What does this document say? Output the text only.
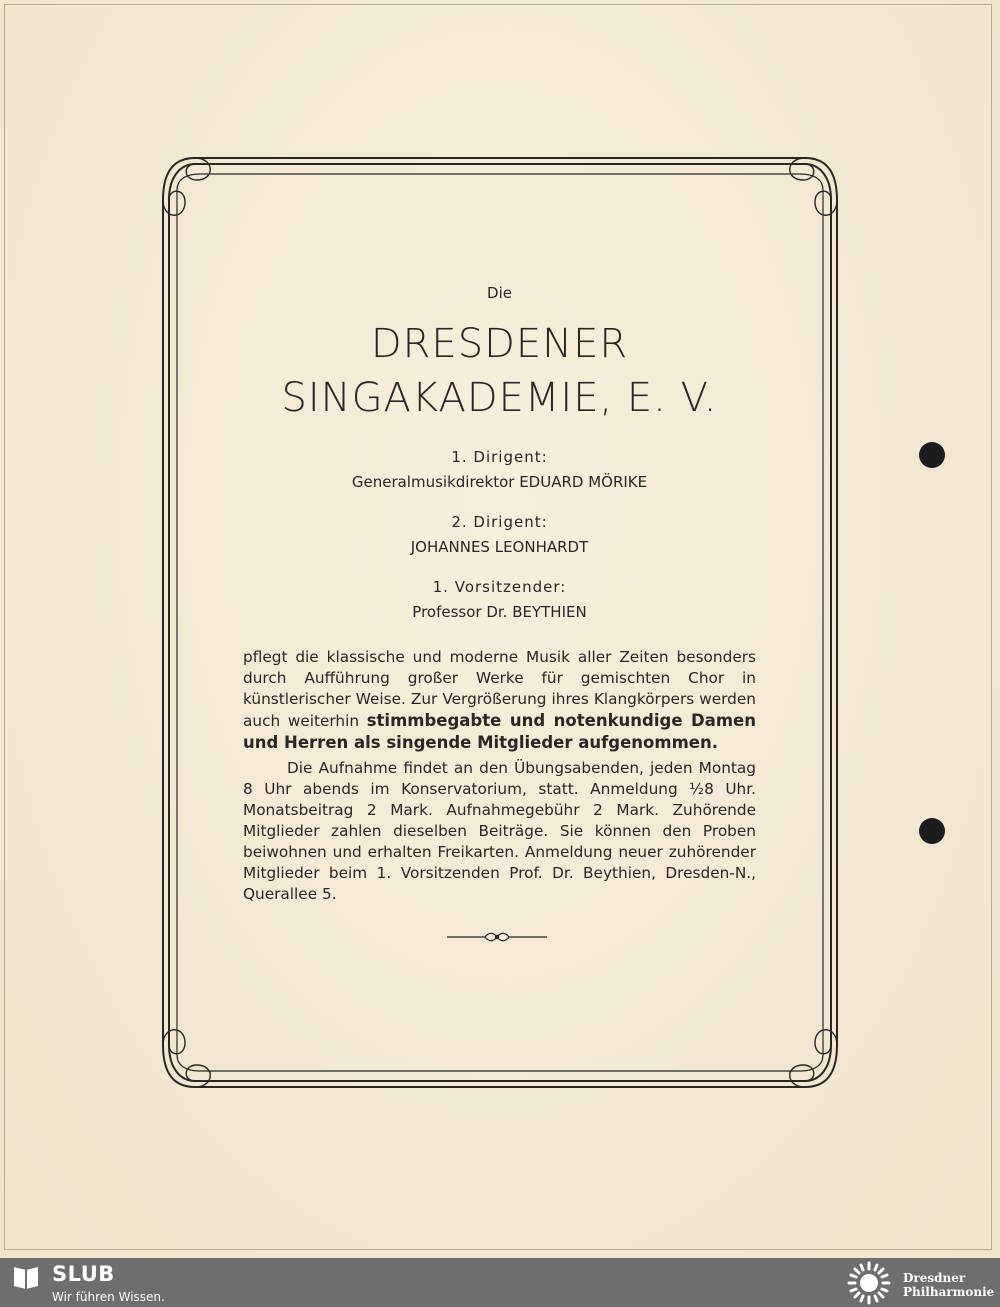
Die
DRESDENER
SINGAKADEMIE, E. V.
1. Dirigent:
Generalmusikdirektor EDUARD MÖRIKE
2. Dirigent:
JOHANNES LEONHARDT
1. Vorsitzender:
Professor Dr. BEYTHIEN
pflegt die klassische und moderne Musik aller Zeiten besonders durch Aufführung großer Werke für gemischten Chor in künstlerischer Weise. Zur Vergrößerung ihres Klangkörpers werden auch weiterhin stimmbegabte und notenkundige Damen und Herren als singende Mitglieder aufgenommen.
Die Aufnahme findet an den Übungsabenden, jeden Montag 8 Uhr abends im Konservatorium, statt. Anmeldung ½8 Uhr. Monatsbeitrag 2 Mark. Aufnahmegebühr 2 Mark. Zuhörende Mitglieder zahlen dieselben Beiträge. Sie können den Proben beiwohnen und erhalten Freikarten. Anmeldung neuer zuhörender Mitglieder beim 1. Vorsitzenden Prof. Dr. Beythien, Dresden-N., Querallee 5.
SLUB
Wir führen Wissen.
Dresdner
Philharmonie
